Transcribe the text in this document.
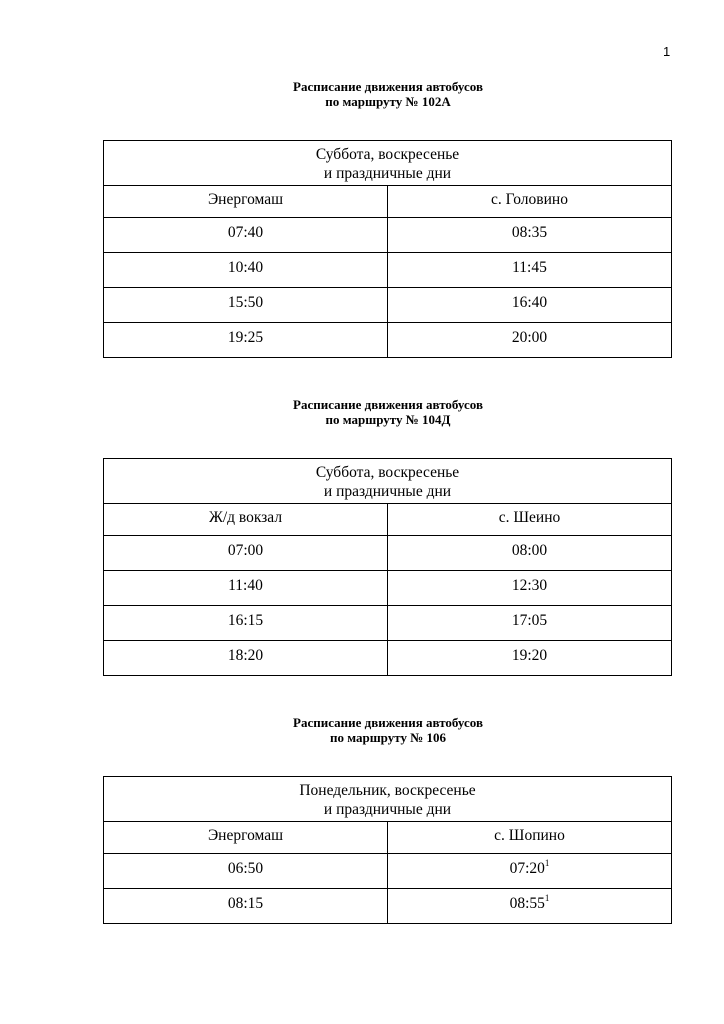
1
Расписание движения автобусов
по маршруту № 102А
Суббота, воскресенье
и праздничные дни	

Энергомаш	с. Головино
07:40	08:35
10:40	11:45
15:50	16:40
19:25	20:00
Расписание движения автобусов
по маршруту № 104Д
Суббота, воскресенье
и праздничные дни	

Ж/д вокзал	с. Шеино
07:00	08:00
11:40	12:30
16:15	17:05
18:20	19:20
Расписание движения автобусов
по маршруту № 106
Понедельник, воскресенье
и праздничные дни	

Энергомаш	с. Шопино
06:50	$07:20^1$
08:15	$08:55^1$
